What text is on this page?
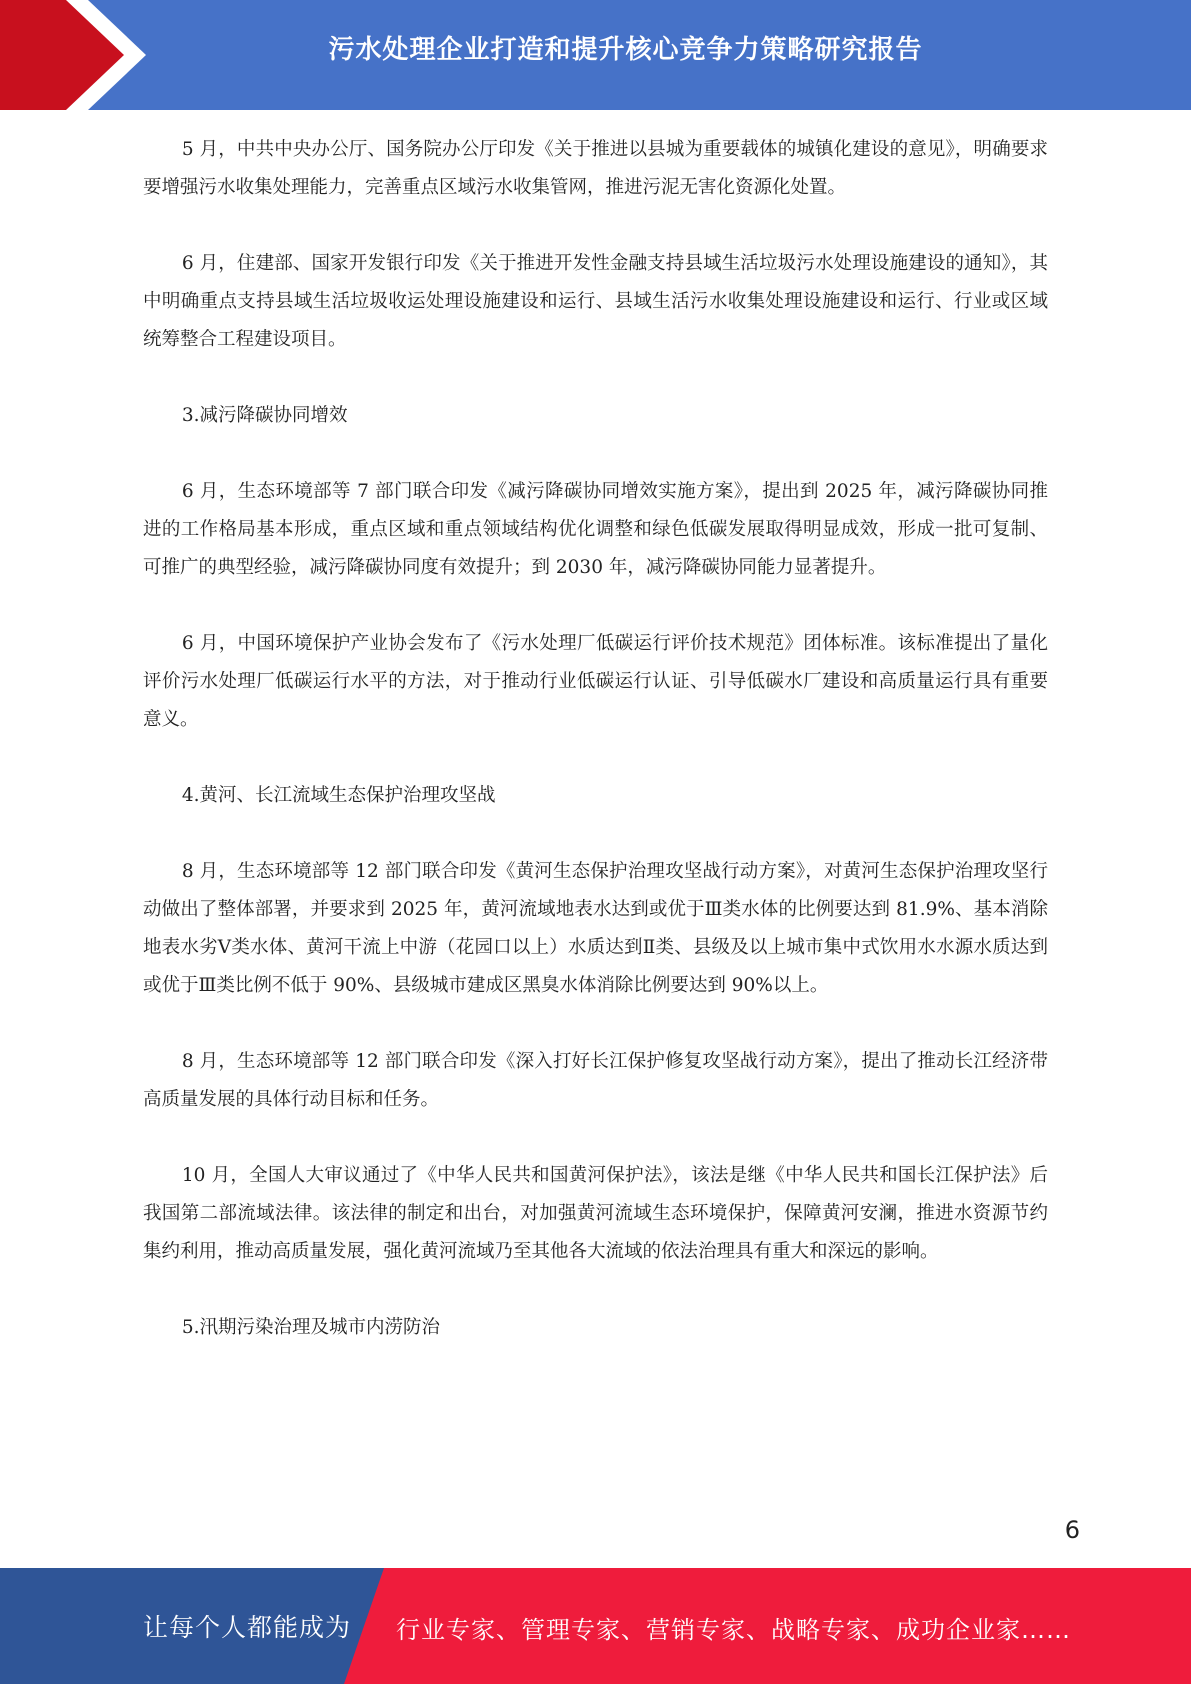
污水处理企业打造和提升核心竞争力策略研究报告

5 月，中共中央办公厅、国务院办公厅印发《关于推进以县城为重要载体的城镇化建设的意见》，明确要求要增强污水收集处理能力，完善重点区域污水收集管网，推进污泥无害化资源化处置。

6 月，住建部、国家开发银行印发《关于推进开发性金融支持县域生活垃圾污水处理设施建设的通知》，其中明确重点支持县域生活垃圾收运处理设施建设和运行、县域生活污水收集处理设施建设和运行、行业或区域统筹整合工程建设项目。

3.减污降碳协同增效

6 月，生态环境部等 7 部门联合印发《减污降碳协同增效实施方案》，提出到 2025 年，减污降碳协同推进的工作格局基本形成，重点区域和重点领域结构优化调整和绿色低碳发展取得明显成效，形成一批可复制、可推广的典型经验，减污降碳协同度有效提升；到 2030 年，减污降碳协同能力显著提升。

6 月，中国环境保护产业协会发布了《污水处理厂低碳运行评价技术规范》团体标准。该标准提出了量化评价污水处理厂低碳运行水平的方法，对于推动行业低碳运行认证、引导低碳水厂建设和高质量运行具有重要意义。

4.黄河、长江流域生态保护治理攻坚战

8 月，生态环境部等 12 部门联合印发《黄河生态保护治理攻坚战行动方案》，对黄河生态保护治理攻坚行动做出了整体部署，并要求到 2025 年，黄河流域地表水达到或优于Ⅲ类水体的比例要达到 81.9%、基本消除地表水劣Ⅴ类水体、黄河干流上中游（花园口以上）水质达到Ⅱ类、县级及以上城市集中式饮用水水源水质达到或优于Ⅲ类比例不低于 90%、县级城市建成区黑臭水体消除比例要达到 90%以上。

8 月，生态环境部等 12 部门联合印发《深入打好长江保护修复攻坚战行动方案》，提出了推动长江经济带高质量发展的具体行动目标和任务。

10 月，全国人大审议通过了《中华人民共和国黄河保护法》，该法是继《中华人民共和国长江保护法》后我国第二部流域法律。该法律的制定和出台，对加强黄河流域生态环境保护，保障黄河安澜，推进水资源节约集约利用，推动高质量发展，强化黄河流域乃至其他各大流域的依法治理具有重大和深远的影响。

5.汛期污染治理及城市内涝防治

6
让每个人都能成为 行业专家、管理专家、营销专家、战略专家、成功企业家……
